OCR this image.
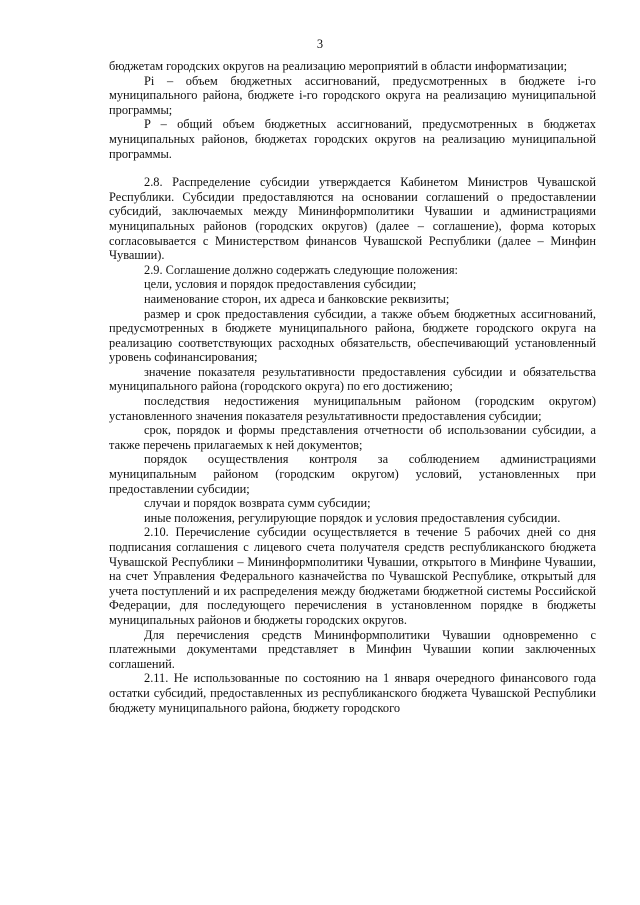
3

бюджетам городских округов на реализацию мероприятий в области информатизации;

Pi – объем бюджетных ассигнований, предусмотренных в бюджете i-го муниципального района, бюджете i-го городского округа на реализацию муниципальной программы;

P – общий объем бюджетных ассигнований, предусмотренных в бюджетах муниципальных районов, бюджетах городских округов на реализацию муниципальной программы.

2.8. Распределение субсидии утверждается Кабинетом Министров Чувашской Республики. Субсидии предоставляются на основании соглашений о предоставлении субсидий, заключаемых между Мининформполитики Чувашии и администрациями муниципальных районов (городских округов) (далее – соглашение), форма которых согласовывается с Министерством финансов Чувашской Республики (далее – Минфин Чувашии).

2.9. Соглашение должно содержать следующие положения:

цели, условия и порядок предоставления субсидии;

наименование сторон, их адреса и банковские реквизиты;

размер и срок предоставления субсидии, а также объем бюджетных ассигнований, предусмотренных в бюджете муниципального района, бюджете городского округа на реализацию соответствующих расходных обязательств, обеспечивающий установленный уровень софинансирования;

значение показателя результативности предоставления субсидии и обязательства муниципального района (городского округа) по его достижению;

последствия недостижения муниципальным районом (городским округом) установленного значения показателя результативности предоставления субсидии;

срок, порядок и формы представления отчетности об использовании субсидии, а также перечень прилагаемых к ней документов;

порядок осуществления контроля за соблюдением администрациями муниципальным районом (городским округом) условий, установленных при предоставлении субсидии;

случаи и порядок возврата сумм субсидии;

иные положения, регулирующие порядок и условия предоставления субсидии.

2.10. Перечисление субсидии осуществляется в течение 5 рабочих дней со дня подписания соглашения с лицевого счета получателя средств республиканского бюджета Чувашской Республики – Мининформполитики Чувашии, открытого в Минфине Чувашии, на счет Управления Федерального казначейства по Чувашской Республике, открытый для учета поступлений и их распределения между бюджетами бюджетной системы Российской Федерации, для последующего перечисления в установленном порядке в бюджеты муниципальных районов и бюджеты городских округов.

Для перечисления средств Мининформполитики Чувашии одновременно с платежными документами представляет в Минфин Чувашии копии заключенных соглашений.

2.11. Не использованные по состоянию на 1 января очередного финансового года остатки субсидий, предоставленных из республиканского бюджета Чувашской Республики бюджету муниципального района, бюджету городского
